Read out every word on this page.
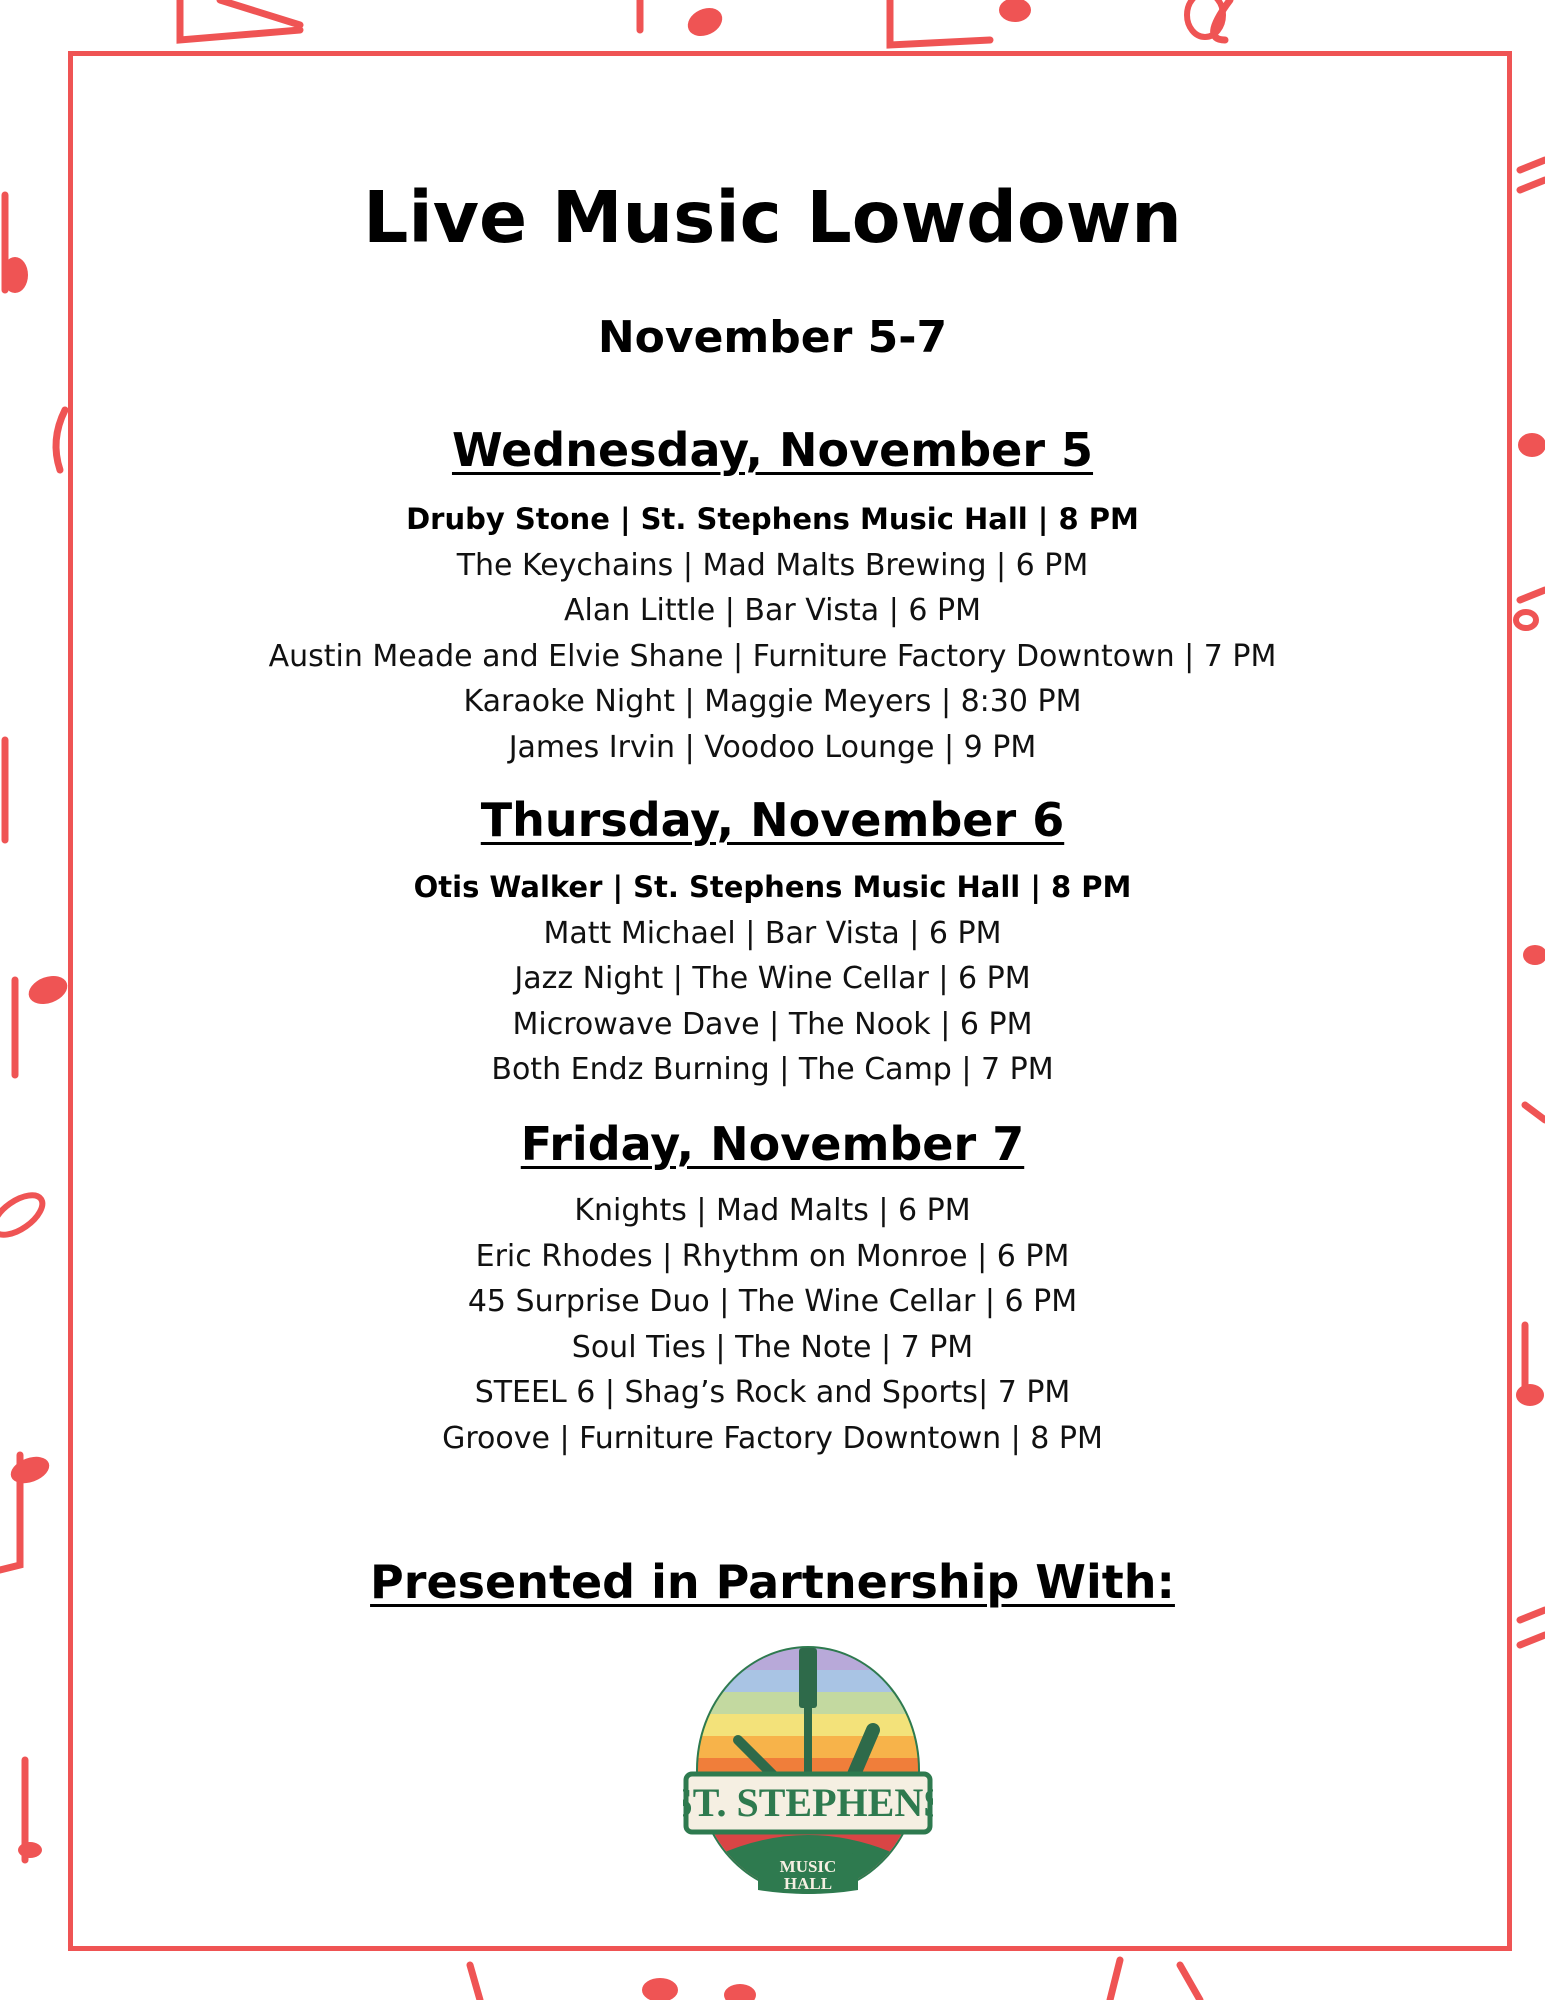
Live Music Lowdown
November 5-7
Wednesday, November 5
Druby Stone | St. Stephens Music Hall | 8 PM
The Keychains | Mad Malts Brewing | 6 PM
Alan Little | Bar Vista | 6 PM
Austin Meade and Elvie Shane | Furniture Factory Downtown | 7 PM
Karaoke Night | Maggie Meyers | 8:30 PM
James Irvin | Voodoo Lounge | 9 PM
Thursday, November 6
Otis Walker | St. Stephens Music Hall | 8 PM
Matt Michael | Bar Vista | 6 PM
Jazz Night | The Wine Cellar | 6 PM
Microwave Dave | The Nook | 6 PM
Both Endz Burning | The Camp | 7 PM
Friday, November 7
Knights | Mad Malts | 6 PM
Eric Rhodes | Rhythm on Monroe | 6 PM
45 Surprise Duo | The Wine Cellar | 6 PM
Soul Ties | The Note | 7 PM
STEEL 6 | Shag’s Rock and Sports| 7 PM
Groove | Furniture Factory Downtown | 8 PM
Presented in Partnership With:
ST. STEPHENS
MUSIC
HALL
